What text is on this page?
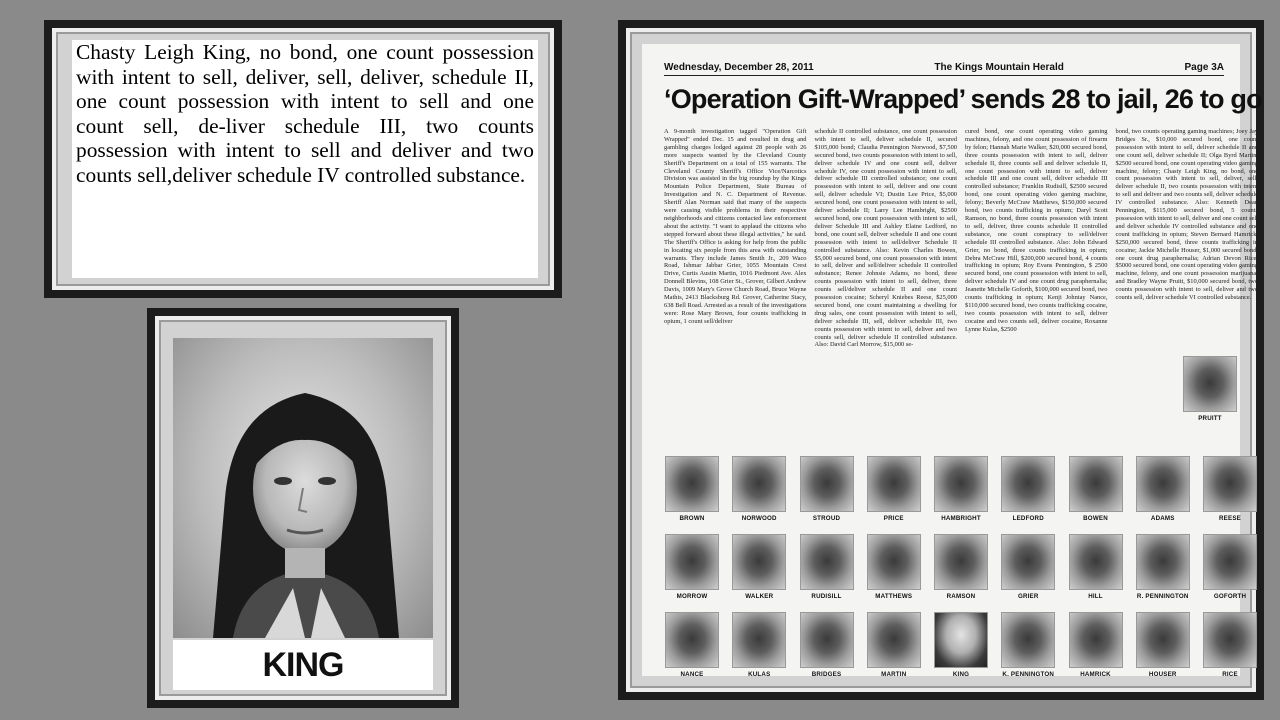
Chasty Leigh King, no bond, one count possession with intent to sell, deliver, sell, deliver, schedule II, one count possession with intent to sell and one count sell, de-liver schedule III, two counts possession with intent to sell and deliver and two counts sell,deliver schedule IV controlled substance.
KING
Wednesday, December 28, 2011	The Kings Mountain Herald	Page 3A
‘Operation Gift-Wrapped’ sends 28 to jail, 26 to go
A 9-month investigation tagged "Operation Gift Wrapped" ended Dec. 15 and resulted in drug and gambling charges lodged against 28 people with 26 more suspects wanted by the Cleveland County Sheriff's Department on a total of 155 warrants. The Cleveland County Sheriff's Office Vice/Narcotics Division was assisted in the big roundup by the Kings Mountain Police Department, State Bureau of Investigation and N. C. Department of Revenue. Sheriff Alan Norman said that many of the suspects were causing visible problems in their respective neighborhoods and citizens contacted law enforcement about the activity. "I want to applaud the citizens who stepped forward about these illegal activities," he said. The Sheriff's Office is asking for help from the public in locating six people from this area with outstanding warrants. They include James Smith Jr., 209 Waco Road, Ishmar Jabbar Grier, 1055 Mountain Crest Drive, Curtis Austin Martin, 1016 Piedmont Ave. Alex Donnell Blevins, 108 Grier St., Grover, Gilbert Andrew Davis, 1009 Mary's Grove Church Road, Bruce Wayne Mathis, 2413 Blacksburg Rd. Grover, Catherine Stacy, 638 Bell Road. Arrested as a result of the investigations were: Rose Mary Brown, four counts trafficking in opium, 1 count sell/deliver
schedule II controlled substance, one count possession with intent to sell, deliver schedule II, secured $105,000 bond; Claudia Pennington Norwood, $7,500 secured bond, two counts possession with intent to sell, deliver schedule IV and one count sell, deliver schedule IV, one count possession with intent to sell, deliver schedule III controlled substance; one count possession with intent to sell, deliver and one count sell, deliver schedule VI; Dustin Lee Price, $5,000 secured bond, one count possession with intent to sell, deliver schedule II; Larry Lee Hambright, $2500 secured bond, one count possession with intent to sell, deliver Schedule III and Ashley Elaine Ledford, no bond, one count sell, deliver schedule II and one count possession with intent to sell/deliver Schedule II controlled substance. Also: Kevin Charles Bowen, $5,000 secured bond, one count possession with intent to sell, deliver and sell/deliver schedule II controlled substance; Renee Johnsie Adams, no bond, three counts possession with intent to sell, deliver, three counts sell/deliver schedule II and one count possession cocaine; Scheryl Kniebes Reese, $25,000 secured bond, one count maintaining a dwelling for drug sales, one count possession with intent to sell, deliver schedule III, sell, deliver schedule III, two counts possession with intent to sell, deliver and two counts sell, deliver schedule II controlled substance. Also: David Carl Morrow, $15,000 se-
cured bond, one count operating video gaming machines, felony, and one count possession of firearm by felon; Hannah Marie Walker, $20,000 secured bond, three counts possession with intent to sell, deliver schedule II, three counts sell and deliver schedule II, one count possession with intent to sell, deliver schedule III and one count sell, deliver schedule III controlled substance; Franklin Rudisill, $2500 secured bond, one count operating video gaming machine, felony; Beverly McCraw Matthews, $150,000 secured bond, two counts trafficking in opium; Daryl Scott Ramson, no bond, three counts possession with intent to sell, deliver, three counts schedule II controlled substance, one count conspiracy to sell/deliver schedule III controlled substance. Also: John Edward Grier, no bond, three counts trafficking in opium; Debra McCraw Hill, $200,000 secured bond, 4 counts trafficking in opium; Roy Evans Pennington, $ 2500 secured bond, one count possession with intent to sell, deliver schedule IV and one count drug paraphernalia; Jeanette Michelle Goforth, $100,000 secured bond, two counts trafficking in opium; Kenji Johntay Nance, $110,000 secured bond, two counts trafficking cocaine, two counts possession with intent to sell, deliver cocaine and two counts sell, deliver cocaine, Roxanne Lynne Kulas, $2500
bond, two counts operating gaming machines; Joey Jay Bridges Sr., $10,000 secured bond, one count possession with intent to sell, deliver schedule II and one count sell, deliver schedule II; Olga Byrd Martin, $2500 secured bond, one count operating video gaming machine, felony; Chasty Leigh King, no bond, one count possession with intent to sell, deliver, sell, deliver schedule II, two counts possession with intent to sell and deliver and two counts sell, deliver schedule IV controlled substance. Also: Kenneth Dean Pennington, $115,000 secured bond, 5 counts possession with intent to sell, deliver and one count sell and deliver schedule IV controlled substance and one count trafficking in opium; Steven Bernard Hamrick, $250,000 secured bond, three counts trafficking in cocaine; Jackie Michelle Houser, $1,000 secured bond, one count drug paraphernalia; Adrian Devon Rice, $5000 secured bond, one count operating video gaming machine, felony, and one count possession marijuana; and Bradley Wayne Pruitt, $10,000 secured bond, two counts possession with intent to sell, deliver and two counts sell, deliver schedule VI controlled substance.
PRUITT
BROWN	NORWOOD	STROUD	PRICE	HAMBRIGHT	LEDFORD	BOWEN	ADAMS	REESE
MORROW	WALKER	RUDISILL	MATTHEWS	RAMSON	GRIER	HILL	R. PENNINGTON	GOFORTH
NANCE	KULAS	BRIDGES	MARTIN	KING	K. PENNINGTON	HAMRICK	HOUSER	RICE
